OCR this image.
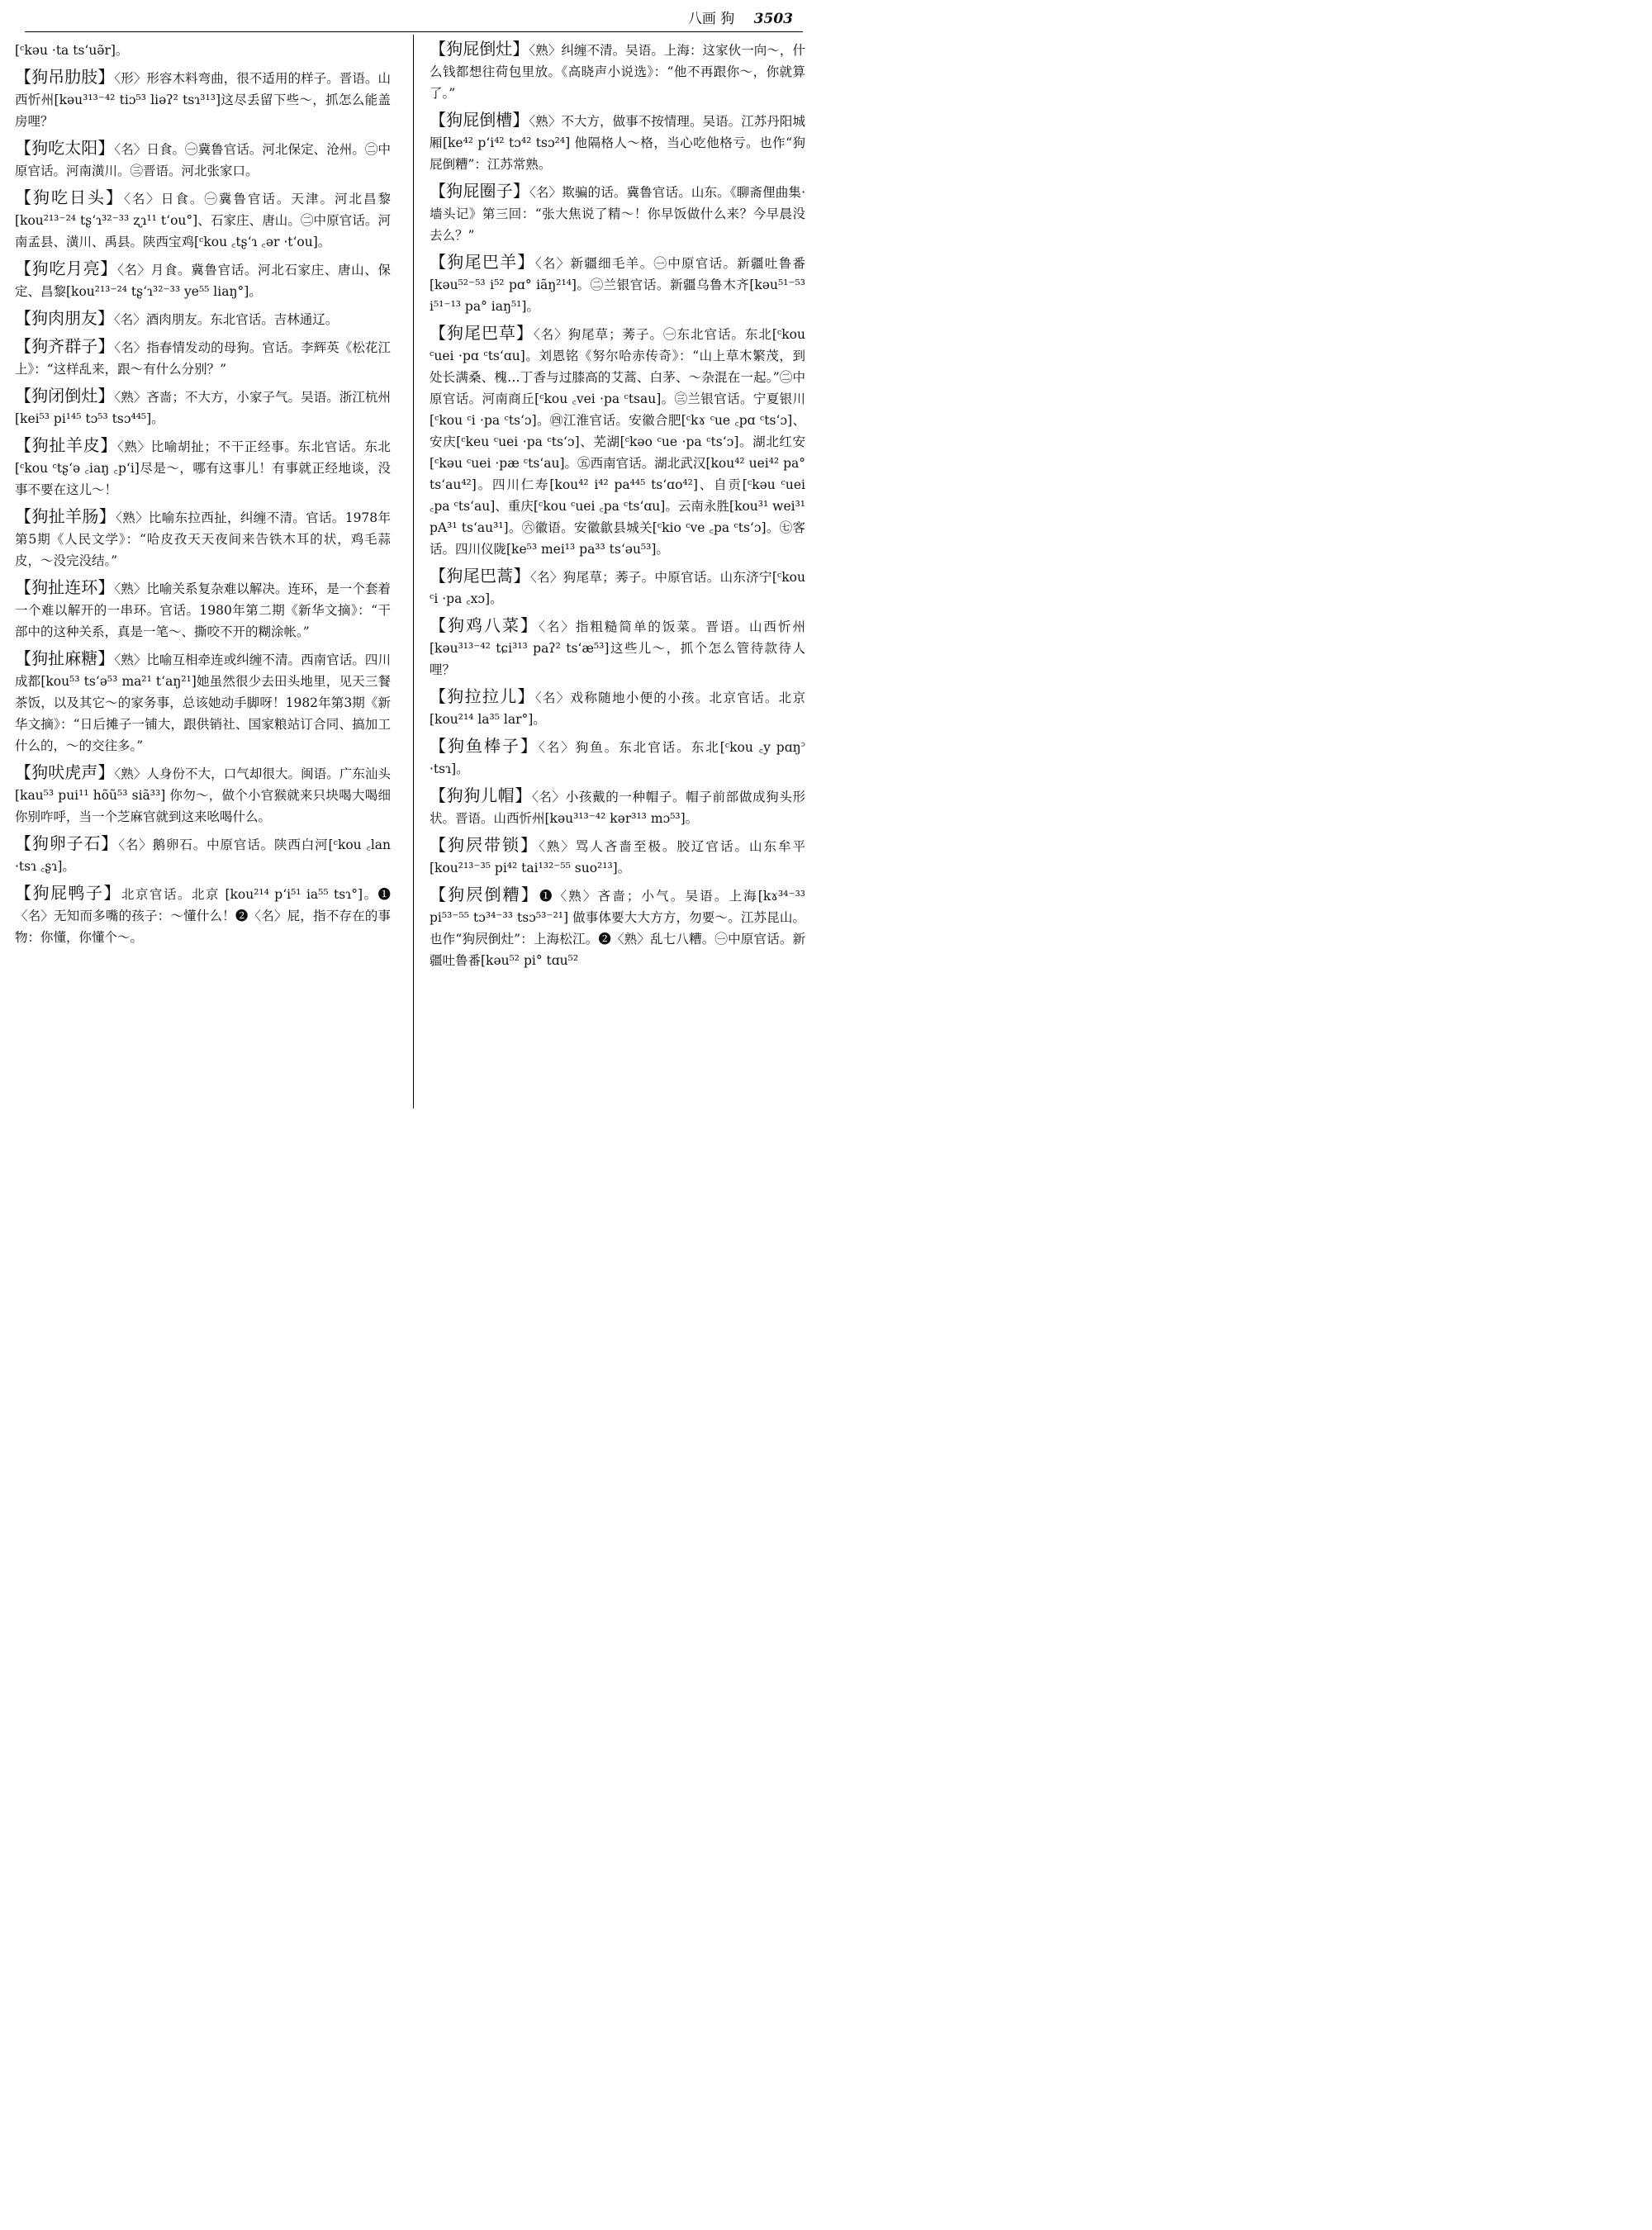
八画 狗 3503
[ᶜkəu ·ta tsʻuə̃r]。
【狗吊肋肢】〈形〉形容木料弯曲，很不适用的样子。晋语。山西忻州[kəu³¹³⁻⁴² tiɔ⁵³ liəʔ² tsɿ³¹³]这尽丢留下些～，抓怎么能盖房哩？
【狗吃太阳】〈名〉日食。㊀冀鲁官话。河北保定、沧州。㊁中原官话。河南潢川。㊂晋语。河北张家口。
【狗吃日头】〈名〉日食。㊀冀鲁官话。天津。河北昌黎[kou²¹³⁻²⁴ tʂʻɿ³²⁻³³ ʐɿ¹¹ tʻou°]、石家庄、唐山。㊁中原官话。河南孟县、潢川、禹县。陕西宝鸡[ᶜkou ꜀tʂʻɿ ꜀ər ·tʻou]。
【狗吃月亮】〈名〉月食。冀鲁官话。河北石家庄、唐山、保定、昌黎[kou²¹³⁻²⁴ tʂʻɿ³²⁻³³ ye⁵⁵ liaŋ°]。
【狗肉朋友】〈名〉酒肉朋友。东北官话。吉林通辽。
【狗齐群子】〈名〉指春情发动的母狗。官话。李辉英《松花江上》：“这样乱来，跟～有什么分别？”
【狗闭倒灶】〈熟〉吝啬；不大方，小家子气。吴语。浙江杭州[kei⁵³ pi¹⁴⁵ tɔ⁵³ tsɔ⁴⁴⁵]。
【狗扯羊皮】〈熟〉比喻胡扯；不干正经事。东北官话。东北[ᶜkou ᶜtʂʻə ꜀iaŋ ꜀pʻi]尽是～，哪有这事儿！有事就正经地谈，没事不要在这儿～！
【狗扯羊肠】〈熟〉比喻东拉西扯，纠缠不清。官话。1978年第5期《人民文学》：“哈皮孜天天夜间来告铁木耳的状，鸡毛蒜皮，～没完没结。”
【狗扯连环】〈熟〉比喻关系复杂难以解决。连环，是一个套着一个难以解开的一串环。官话。1980年第二期《新华文摘》：“干部中的这种关系，真是一笔～、撕咬不开的糊涂帐。”
【狗扯麻糖】〈熟〉比喻互相牵连或纠缠不清。西南官话。四川成都[kou⁵³ tsʻə⁵³ ma²¹ tʻaŋ²¹]她虽然很少去田头地里，见天三餐茶饭，以及其它～的家务事，总该她动手脚呀！1982年第3期《新华文摘》：“日后摊子一铺大，跟供销社、国家粮站订合同、搞加工什么的，～的交往多。”
【狗吠虎声】〈熟〉人身份不大，口气却很大。闽语。广东汕头[kau⁵³ pui¹¹ hõũ⁵³ siã³³] 你勿～，做个小官猴就来只块喝大喝细你别咋呼，当一个芝麻官就到这来吆喝什么。
【狗卵子石】〈名〉鹅卵石。中原官话。陕西白河[ᶜkou ꜀lan ·tsɿ ꜀ʂɿ]。
【狗屁鸭子】北京官话。北京 [kou²¹⁴ pʻi⁵¹ ia⁵⁵ tsɿ°]。❶〈名〉无知而多嘴的孩子：～懂什么！❷〈名〉屁，指不存在的事物：你懂，你懂个～。
【狗屁倒灶】〈熟〉纠缠不清。吴语。上海：这家伙一向～，什么钱都想往荷包里放。《高晓声小说选》：“他不再跟你～，你就算了。”
【狗屁倒槽】〈熟〉不大方，做事不按情理。吴语。江苏丹阳城厢[ke⁴² pʻi⁴² tɔ⁴² tsɔ²⁴] 他隔格人～格，当心吃他格亏。也作“狗屁倒糟”：江苏常熟。
【狗屁圈子】〈名〉欺骗的话。冀鲁官话。山东。《聊斋俚曲集·墙头记》第三回：“张大焦说了精～！你早饭做什么来？今早晨没去么？”
【狗尾巴羊】〈名〉新疆细毛羊。㊀中原官话。新疆吐鲁番[kəu⁵²⁻⁵³ i⁵² pɑ° iãŋ²¹⁴]。㊁兰银官话。新疆乌鲁木齐[kəu⁵¹⁻⁵³ i⁵¹⁻¹³ pa° iaŋ⁵¹]。
【狗尾巴草】〈名〉狗尾草；莠子。㊀东北官话。东北[ᶜkou ᶜuei ·pɑ ᶜtsʻɑu]。刘恩铭《努尔哈赤传奇》：“山上草木繁茂，到处长满桑、槐…丁香与过膝高的艾蒿、白茅、～杂混在一起。”㊁中原官话。河南商丘[ᶜkou ꜀vei ·pa ᶜtsau]。㊂兰银官话。宁夏银川[ᶜkou ᶜi ·pa ᶜtsʻɔ]。㊃江淮官话。安徽合肥[ᶜkɤ ᶜue ꜀pɑ ᶜtsʻɔ]、安庆[ᶜkeu ᶜuei ·pa ᶜtsʻɔ]、芜湖[ᶜkəo ᶜue ·pa ᶜtsʻɔ]。湖北红安[ᶜkəu ᶜuei ·pæ ᶜtsʻau]。㊄西南官话。湖北武汉[kou⁴² uei⁴² pa° tsʻau⁴²]。四川仁寿[kou⁴² i⁴² pa⁴⁴⁵ tsʻɑo⁴²]、自贡[ᶜkəu ᶜuei ꜀pa ᶜtsʻau]、重庆[ᶜkou ᶜuei ꜀pa ᶜtsʻɑu]。云南永胜[kou³¹ wei³¹ pA³¹ tsʻau³¹]。㊅徽语。安徽歙县城关[ᶜkio ᶜve ꜀pa ᶜtsʻɔ]。㊆客话。四川仪陇[ke⁵³ mei¹³ pa³³ tsʻəu⁵³]。
【狗尾巴蒿】〈名〉狗尾草；莠子。中原官话。山东济宁[ᶜkou ᶜi ·pa ꜀xɔ]。
【狗鸡八菜】〈名〉指粗糙简单的饭菜。晋语。山西忻州[kəu³¹³⁻⁴² tɕi³¹³ paʔ² tsʻæ⁵³]这些儿～，抓个怎么管待款待人哩？
【狗拉拉儿】〈名〉戏称随地小便的小孩。北京官话。北京[kou²¹⁴ la³⁵ lar°]。
【狗鱼棒子】〈名〉狗鱼。东北官话。东北[ᶜkou ꜀y pɑŋ꜄ ·tsɿ]。
【狗狗儿帽】〈名〉小孩戴的一种帽子。帽子前部做成狗头形状。晋语。山西忻州[kəu³¹³⁻⁴² kər³¹³ mɔ⁵³]。
【狗屄带锁】〈熟〉骂人吝啬至极。胶辽官话。山东牟平[kou²¹³⁻³⁵ pi⁴² tai¹³²⁻⁵⁵ suo²¹³]。
【狗屄倒糟】❶〈熟〉吝啬；小气。吴语。上海[kɤ³⁴⁻³³ pi⁵³⁻⁵⁵ tɔ³⁴⁻³³ tsɔ⁵³⁻²¹] 做事体要大大方方，勿要～。江苏昆山。也作“狗屄倒灶”：上海松江。❷〈熟〉乱七八糟。㊀中原官话。新疆吐鲁番[kəu⁵² pi° tɑu⁵²
